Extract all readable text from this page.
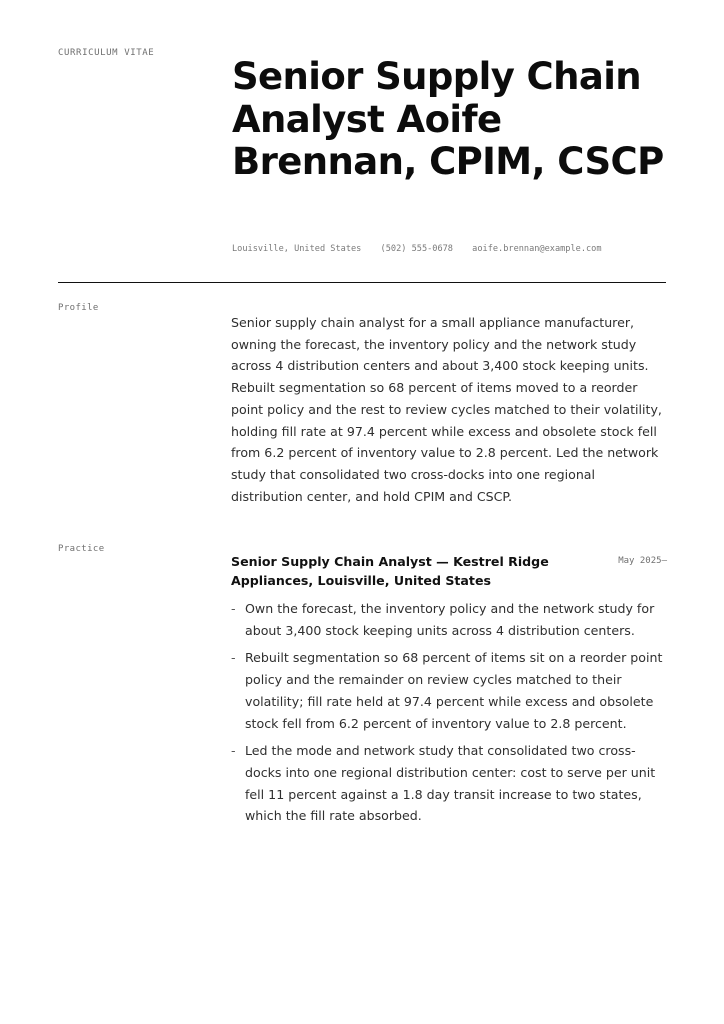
CURRICULUM VITAE
Senior Supply Chain Analyst Aoife Brennan, CPIM, CSCP
Louisville, United States (502) 555-0678 aoife.brennan@example.com
Profile

Senior supply chain analyst for a small appliance manufacturer, owning the forecast, the inventory policy and the network study across 4 distribution centers and about 3,400 stock keeping units. Rebuilt segmentation so 68 percent of items moved to a reorder point policy and the rest to review cycles matched to their volatility, holding fill rate at 97.4 percent while excess and obsolete stock fell from 6.2 percent of inventory value to 2.8 percent. Led the network study that consolidated two cross-docks into one regional distribution center, and hold CPIM and CSCP.

Practice

Senior Supply Chain Analyst — Kestrel Ridge Appliances, Louisville, United States

May 2025—
- Own the forecast, the inventory policy and the network study for about 3,400 stock keeping units across 4 distribution centers.
- Rebuilt segmentation so 68 percent of items sit on a reorder point policy and the remainder on review cycles matched to their volatility; fill rate held at 97.4 percent while excess and obsolete stock fell from 6.2 percent of inventory value to 2.8 percent.
- Led the mode and network study that consolidated two cross-docks into one regional distribution center: cost to serve per unit fell 11 percent against a 1.8 day transit increase to two states, which the fill rate absorbed.
